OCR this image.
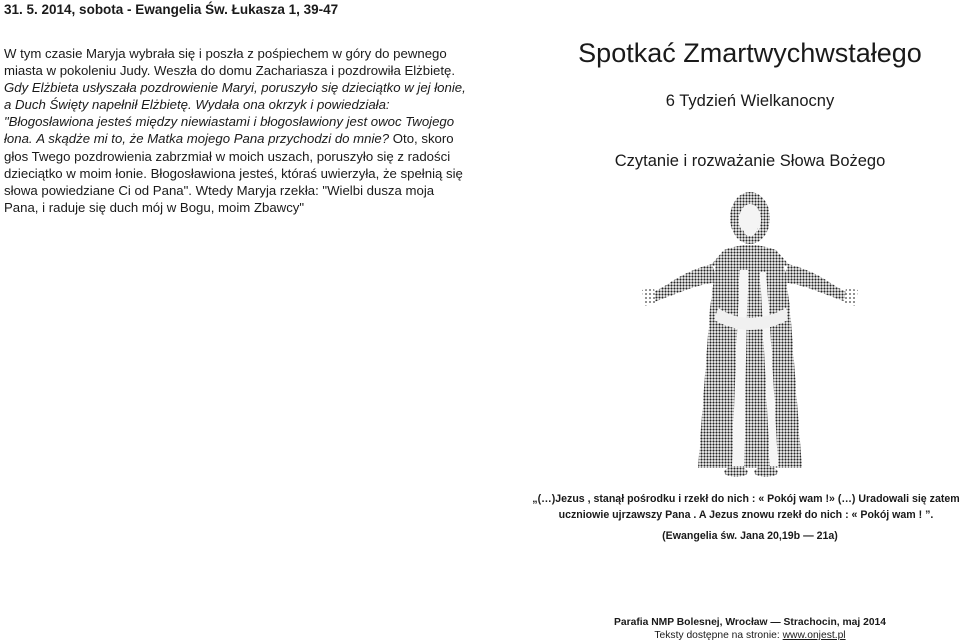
31. 5. 2014, sobota - Ewangelia Św. Łukasza 1, 39-47
W tym czasie Maryja wybrała się i poszła z pośpiechem w góry do pewnego miasta w pokoleniu Judy. Weszła do domu Zachariasza i pozdrowiła Elżbietę. Gdy Elżbieta usłyszała pozdrowienie Maryi, poruszyło się dzieciątko w jej łonie, a Duch Święty napełnił Elżbietę. Wydała ona okrzyk i powiedziała: "Błogosławiona jesteś między niewiastami i błogosławiony jest owoc Twojego łona. A skądże mi to, że Matka mojego Pana przychodzi do mnie? Oto, skoro głos Twego pozdrowienia zabrzmiał w moich uszach, poruszyło się z radości dzieciątko w moim łonie. Błogosławiona jesteś, któraś uwierzyła, że spełnią się słowa powiedziane Ci od Pana". Wtedy Maryja rzekła: "Wielbi dusza moja Pana, i raduje się duch mój w Bogu, moim Zbawcy"
Spotkać Zmartwychwstałego
6 Tydzień Wielkanocny
Czytanie i rozważanie Słowa Bożego
„(…)Jezus , stanął pośrodku i rzekł do nich : « Pokój wam !» (…) Uradowali się zatem uczniowie ujrzawszy Pana . A Jezus znowu rzekł do nich : « Pokój wam ! ”.
(Ewangelia św. Jana 20,19b — 21a)
Parafia NMP Bolesnej, Wrocław — Strachocin, maj 2014
Teksty dostępne na stronie: www.onjest.pl
